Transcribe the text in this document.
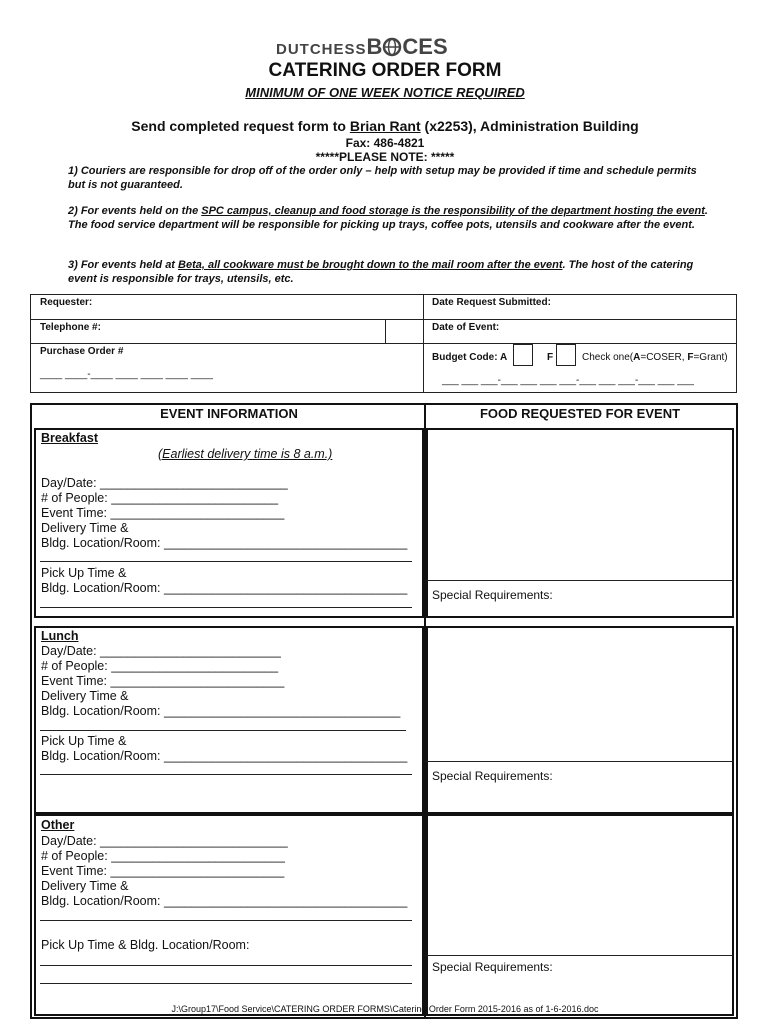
DUTCHESSB CES
CATERING ORDER FORM
MINIMUM OF ONE WEEK NOTICE REQUIRED
Send completed request form to Brian Rant (x2253), Administration Building
Fax: 486-4821
*****PLEASE NOTE: *****
1) Couriers are responsible for drop off of the order only – help with setup may be provided if time and schedule permits but is not guaranteed.
2) For events held on the SPC campus, cleanup and food storage is the responsibility of the department hosting the event. The food service department will be responsible for picking up trays, coffee pots, utensils and cookware after the event.
3) For events held at Beta, all cookware must be brought down to the mail room after the event. The host of the catering event is responsible for trays, utensils, etc.
Requester:	Date Request Submitted:
Telephone #:	Date of Event:
Purchase Order #
____ ____-____ ____ ____ ____ ____
Budget Code: A	F	Check one(A=COSER, F=Grant)
___ ___ ___-___ ___ ___ ___-___ ___ ___-___ ___ ___
EVENT INFORMATION	FOOD REQUESTED FOR EVENT
Breakfast
(Earliest delivery time is 8 a.m.)
Day/Date: ___________________________
# of People: ________________________
Event Time: _________________________
Delivery Time &
Bldg. Location/Room: ___________________________________
Pick Up Time &
Bldg. Location/Room: ___________________________________ Special Requirements:
Lunch
Day/Date: __________________________
# of People: ________________________
Event Time: _________________________
Delivery Time &
Bldg. Location/Room: __________________________________
Pick Up Time &
Bldg. Location/Room: ___________________________________
Special Requirements:
Other
Day/Date: ___________________________
# of People: _________________________
Event Time: _________________________
Delivery Time &
Bldg. Location/Room: ___________________________________
Pick Up Time & Bldg. Location/Room:
Special Requirements:
J:\Group17\Food Service\CATERING ORDER FORMS\Catering Order Form 2015-2016 as of 1-6-2016.doc
